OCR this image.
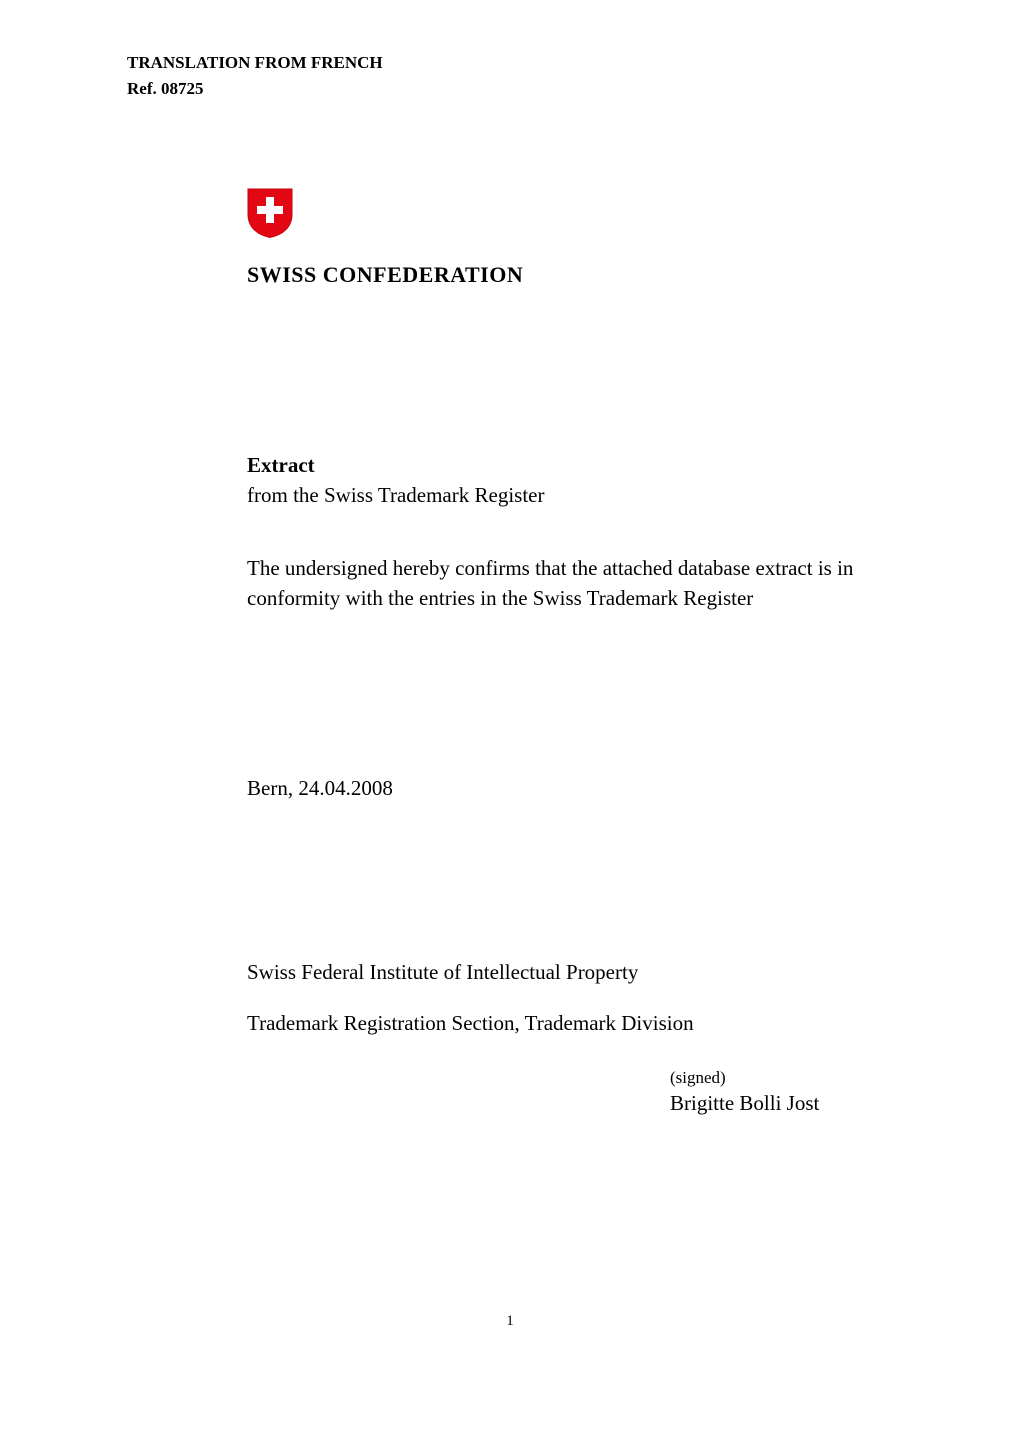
TRANSLATION FROM FRENCH
Ref. 08725
SWISS CONFEDERATION
Extract
from the Swiss Trademark Register
The undersigned hereby confirms that the attached database extract is in conformity with the entries in the Swiss Trademark Register
Bern, 24.04.2008
Swiss Federal Institute of Intellectual Property
Trademark Registration Section, Trademark Division
(signed)
Brigitte Bolli Jost
1
